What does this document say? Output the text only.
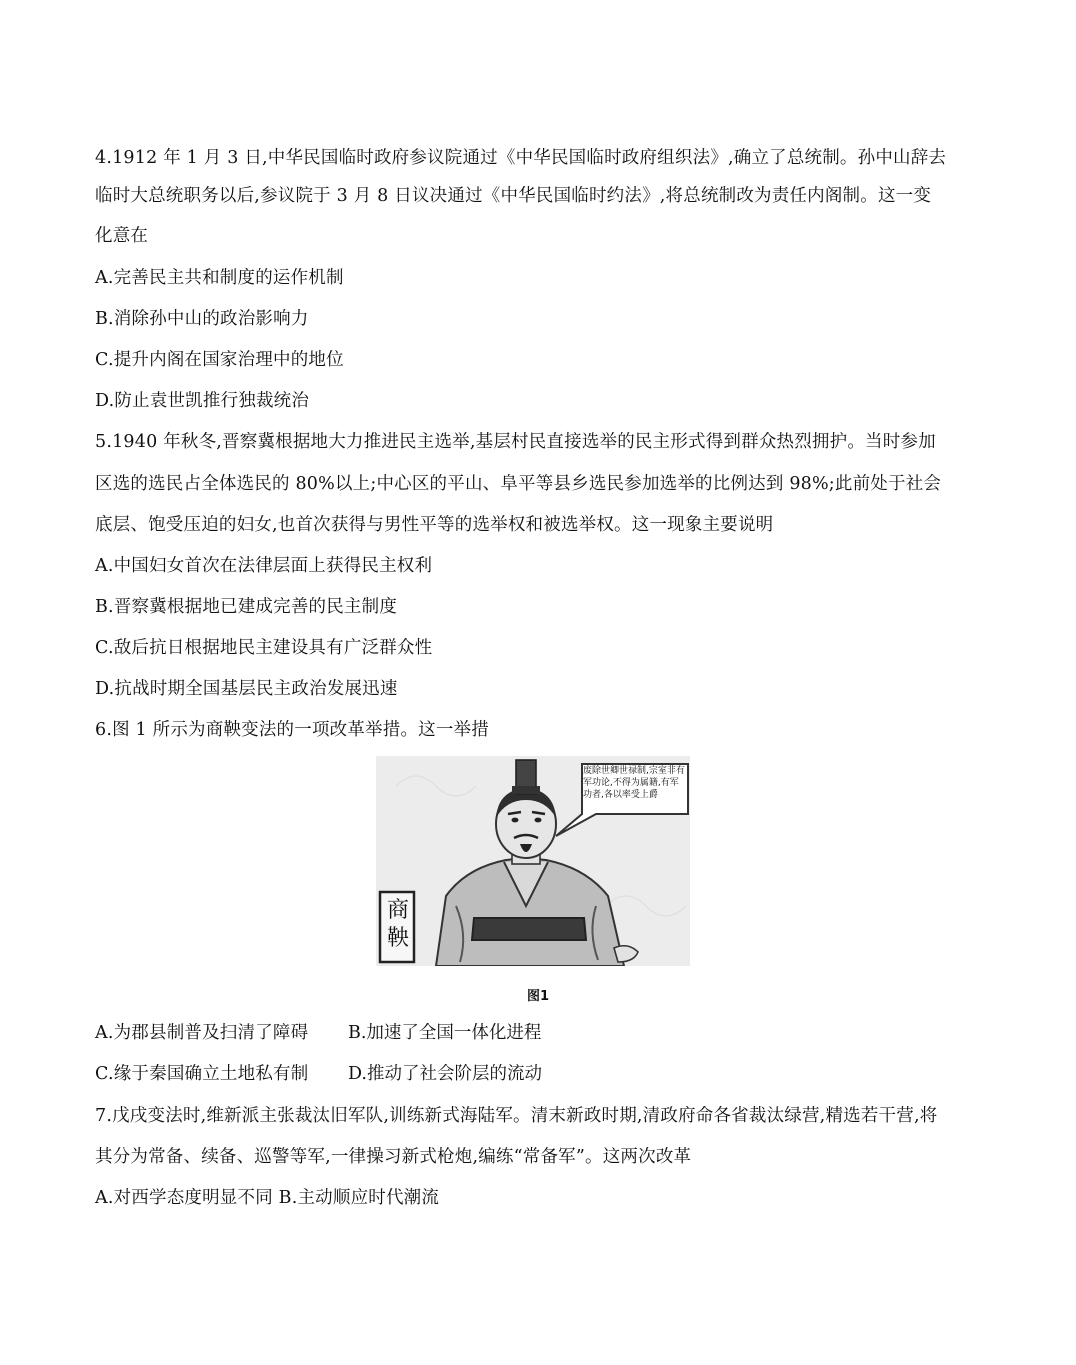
4.1912 年 1 月 3 日,中华民国临时政府参议院通过《中华民国临时政府组织法》,确立了总统制。孙中山辞去
临时大总统职务以后,参议院于 3 月 8 日议决通过《中华民国临时约法》,将总统制改为责任内阁制。这一变
化意在
A.完善民主共和制度的运作机制
B.消除孙中山的政治影响力
C.提升内阁在国家治理中的地位
D.防止袁世凯推行独裁统治
5.1940 年秋冬,晋察冀根据地大力推进民主选举,基层村民直接选举的民主形式得到群众热烈拥护。当时参加
区选的选民占全体选民的 80%以上;中心区的平山、阜平等县乡选民参加选举的比例达到 98%;此前处于社会
底层、饱受压迫的妇女,也首次获得与男性平等的选举权和被选举权。这一现象主要说明
A.中国妇女首次在法律层面上获得民主权利
B.晋察冀根据地已建成完善的民主制度
C.敌后抗日根据地民主建设具有广泛群众性
D.抗战时期全国基层民主政治发展迅速
6.图 1 所示为商鞅变法的一项改革举措。这一举措
废除世卿世禄制,宗室非有军功论,不得为属籍,有军功者,各以率受上爵
商鞅
图1
A.为郡县制普及扫清了障碍 B.加速了全国一体化进程
C.缘于秦国确立土地私有制 D.推动了社会阶层的流动
7.戊戌变法时,维新派主张裁汰旧军队,训练新式海陆军。清末新政时期,清政府命各省裁汰绿营,精选若干营,将
其分为常备、续备、巡警等军,一律操习新式枪炮,编练“常备军”。这两次改革
A.对西学态度明显不同 B.主动顺应时代潮流
